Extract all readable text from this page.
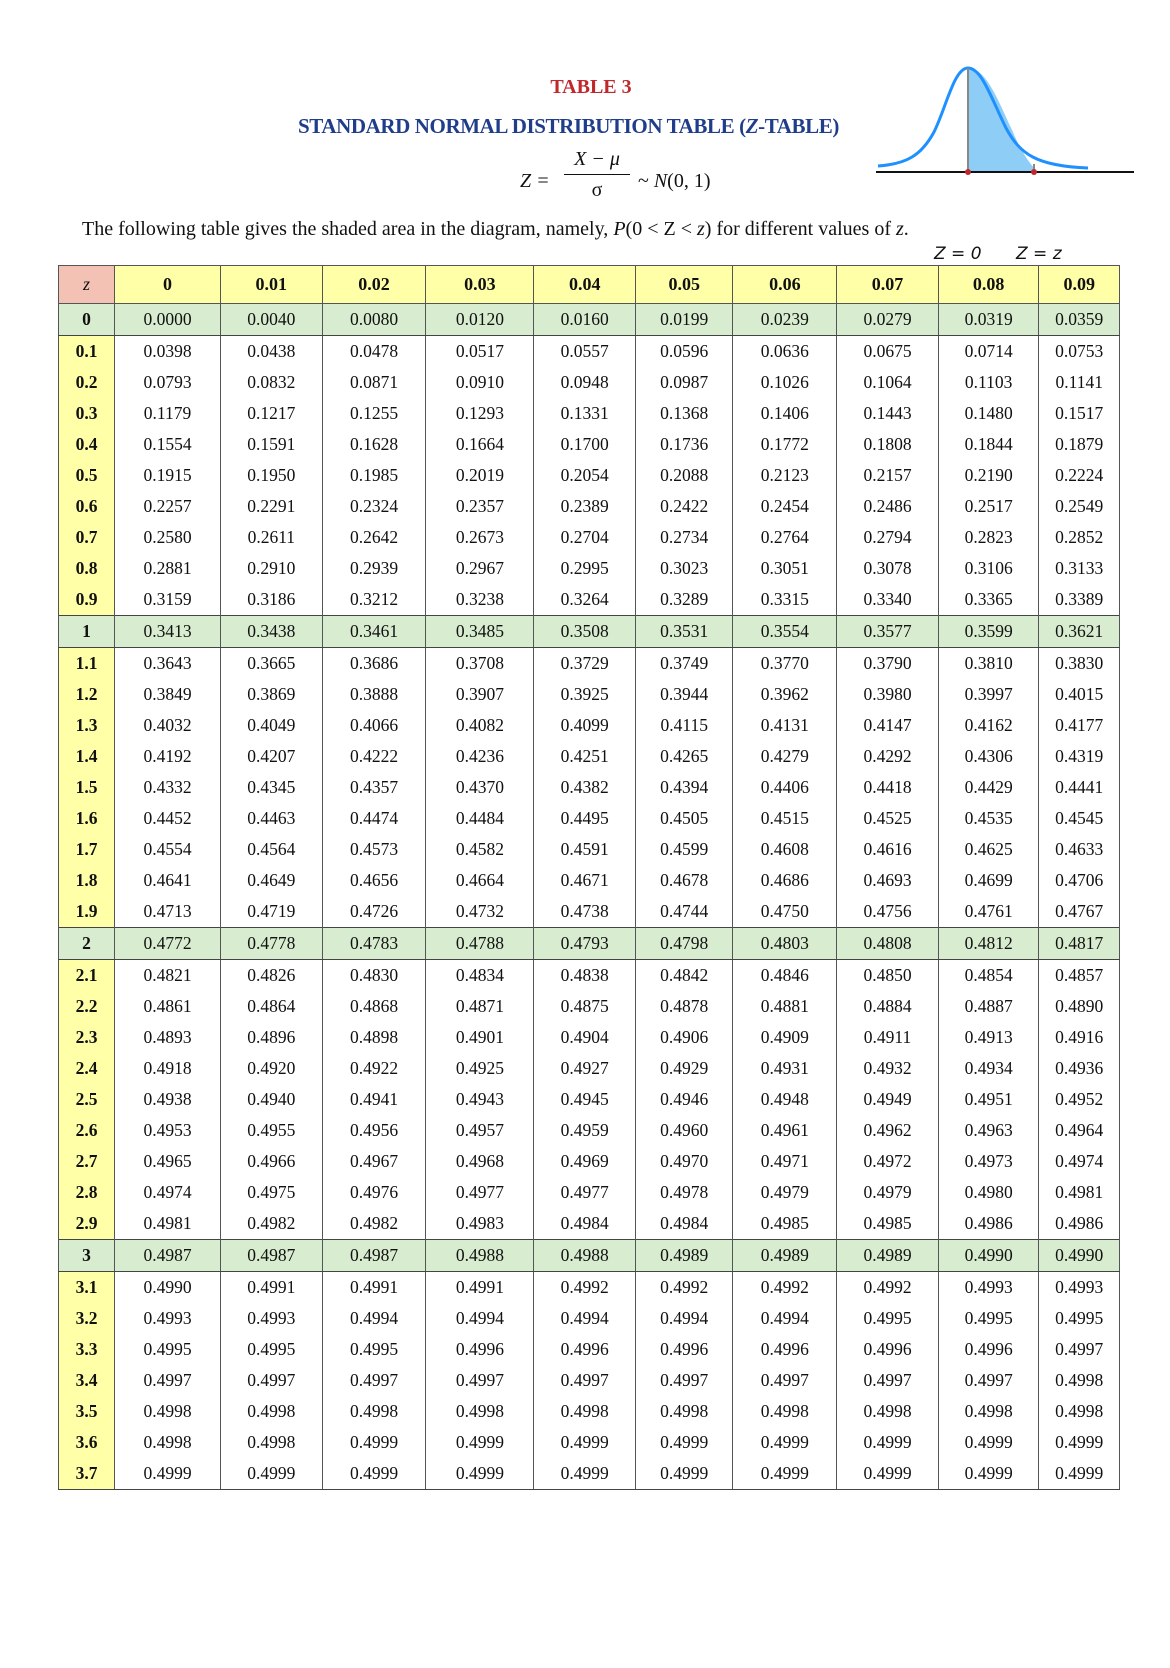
TABLE 3
STANDARD NORMAL DISTRIBUTION TABLE (Z-TABLE)
Z =
X − μ
σ	~ N(0, 1)
The following table gives the shaded area in the diagram, namely, P(0 < Z < z) for different values of z.
Z = 0 Z = z
z	0	0.01	0.02	0.03	0.04	0.05	0.06	0.07	0.08	0.09
0	0.0000	0.0040	0.0080	0.0120	0.0160	0.0199	0.0239	0.0279	0.0319	0.0359
0.1	0.0398	0.0438	0.0478	0.0517	0.0557	0.0596	0.0636	0.0675	0.0714	0.0753
0.2	0.0793	0.0832	0.0871	0.0910	0.0948	0.0987	0.1026	0.1064	0.1103	0.1141
0.3	0.1179	0.1217	0.1255	0.1293	0.1331	0.1368	0.1406	0.1443	0.1480	0.1517
0.4	0.1554	0.1591	0.1628	0.1664	0.1700	0.1736	0.1772	0.1808	0.1844	0.1879
0.5	0.1915	0.1950	0.1985	0.2019	0.2054	0.2088	0.2123	0.2157	0.2190	0.2224
0.6	0.2257	0.2291	0.2324	0.2357	0.2389	0.2422	0.2454	0.2486	0.2517	0.2549
0.7	0.2580	0.2611	0.2642	0.2673	0.2704	0.2734	0.2764	0.2794	0.2823	0.2852
0.8	0.2881	0.2910	0.2939	0.2967	0.2995	0.3023	0.3051	0.3078	0.3106	0.3133
0.9	0.3159	0.3186	0.3212	0.3238	0.3264	0.3289	0.3315	0.3340	0.3365	0.3389
1	0.3413	0.3438	0.3461	0.3485	0.3508	0.3531	0.3554	0.3577	0.3599	0.3621
1.1	0.3643	0.3665	0.3686	0.3708	0.3729	0.3749	0.3770	0.3790	0.3810	0.3830
1.2	0.3849	0.3869	0.3888	0.3907	0.3925	0.3944	0.3962	0.3980	0.3997	0.4015
1.3	0.4032	0.4049	0.4066	0.4082	0.4099	0.4115	0.4131	0.4147	0.4162	0.4177
1.4	0.4192	0.4207	0.4222	0.4236	0.4251	0.4265	0.4279	0.4292	0.4306	0.4319
1.5	0.4332	0.4345	0.4357	0.4370	0.4382	0.4394	0.4406	0.4418	0.4429	0.4441
1.6	0.4452	0.4463	0.4474	0.4484	0.4495	0.4505	0.4515	0.4525	0.4535	0.4545
1.7	0.4554	0.4564	0.4573	0.4582	0.4591	0.4599	0.4608	0.4616	0.4625	0.4633
1.8	0.4641	0.4649	0.4656	0.4664	0.4671	0.4678	0.4686	0.4693	0.4699	0.4706
1.9	0.4713	0.4719	0.4726	0.4732	0.4738	0.4744	0.4750	0.4756	0.4761	0.4767
2	0.4772	0.4778	0.4783	0.4788	0.4793	0.4798	0.4803	0.4808	0.4812	0.4817
2.1	0.4821	0.4826	0.4830	0.4834	0.4838	0.4842	0.4846	0.4850	0.4854	0.4857
2.2	0.4861	0.4864	0.4868	0.4871	0.4875	0.4878	0.4881	0.4884	0.4887	0.4890
2.3	0.4893	0.4896	0.4898	0.4901	0.4904	0.4906	0.4909	0.4911	0.4913	0.4916
2.4	0.4918	0.4920	0.4922	0.4925	0.4927	0.4929	0.4931	0.4932	0.4934	0.4936
2.5	0.4938	0.4940	0.4941	0.4943	0.4945	0.4946	0.4948	0.4949	0.4951	0.4952
2.6	0.4953	0.4955	0.4956	0.4957	0.4959	0.4960	0.4961	0.4962	0.4963	0.4964
2.7	0.4965	0.4966	0.4967	0.4968	0.4969	0.4970	0.4971	0.4972	0.4973	0.4974
2.8	0.4974	0.4975	0.4976	0.4977	0.4977	0.4978	0.4979	0.4979	0.4980	0.4981
2.9	0.4981	0.4982	0.4982	0.4983	0.4984	0.4984	0.4985	0.4985	0.4986	0.4986
3	0.4987	0.4987	0.4987	0.4988	0.4988	0.4989	0.4989	0.4989	0.4990	0.4990
3.1	0.4990	0.4991	0.4991	0.4991	0.4992	0.4992	0.4992	0.4992	0.4993	0.4993
3.2	0.4993	0.4993	0.4994	0.4994	0.4994	0.4994	0.4994	0.4995	0.4995	0.4995
3.3	0.4995	0.4995	0.4995	0.4996	0.4996	0.4996	0.4996	0.4996	0.4996	0.4997
3.4	0.4997	0.4997	0.4997	0.4997	0.4997	0.4997	0.4997	0.4997	0.4997	0.4998
3.5	0.4998	0.4998	0.4998	0.4998	0.4998	0.4998	0.4998	0.4998	0.4998	0.4998
3.6	0.4998	0.4998	0.4999	0.4999	0.4999	0.4999	0.4999	0.4999	0.4999	0.4999
3.7	0.4999	0.4999	0.4999	0.4999	0.4999	0.4999	0.4999	0.4999	0.4999	0.4999
